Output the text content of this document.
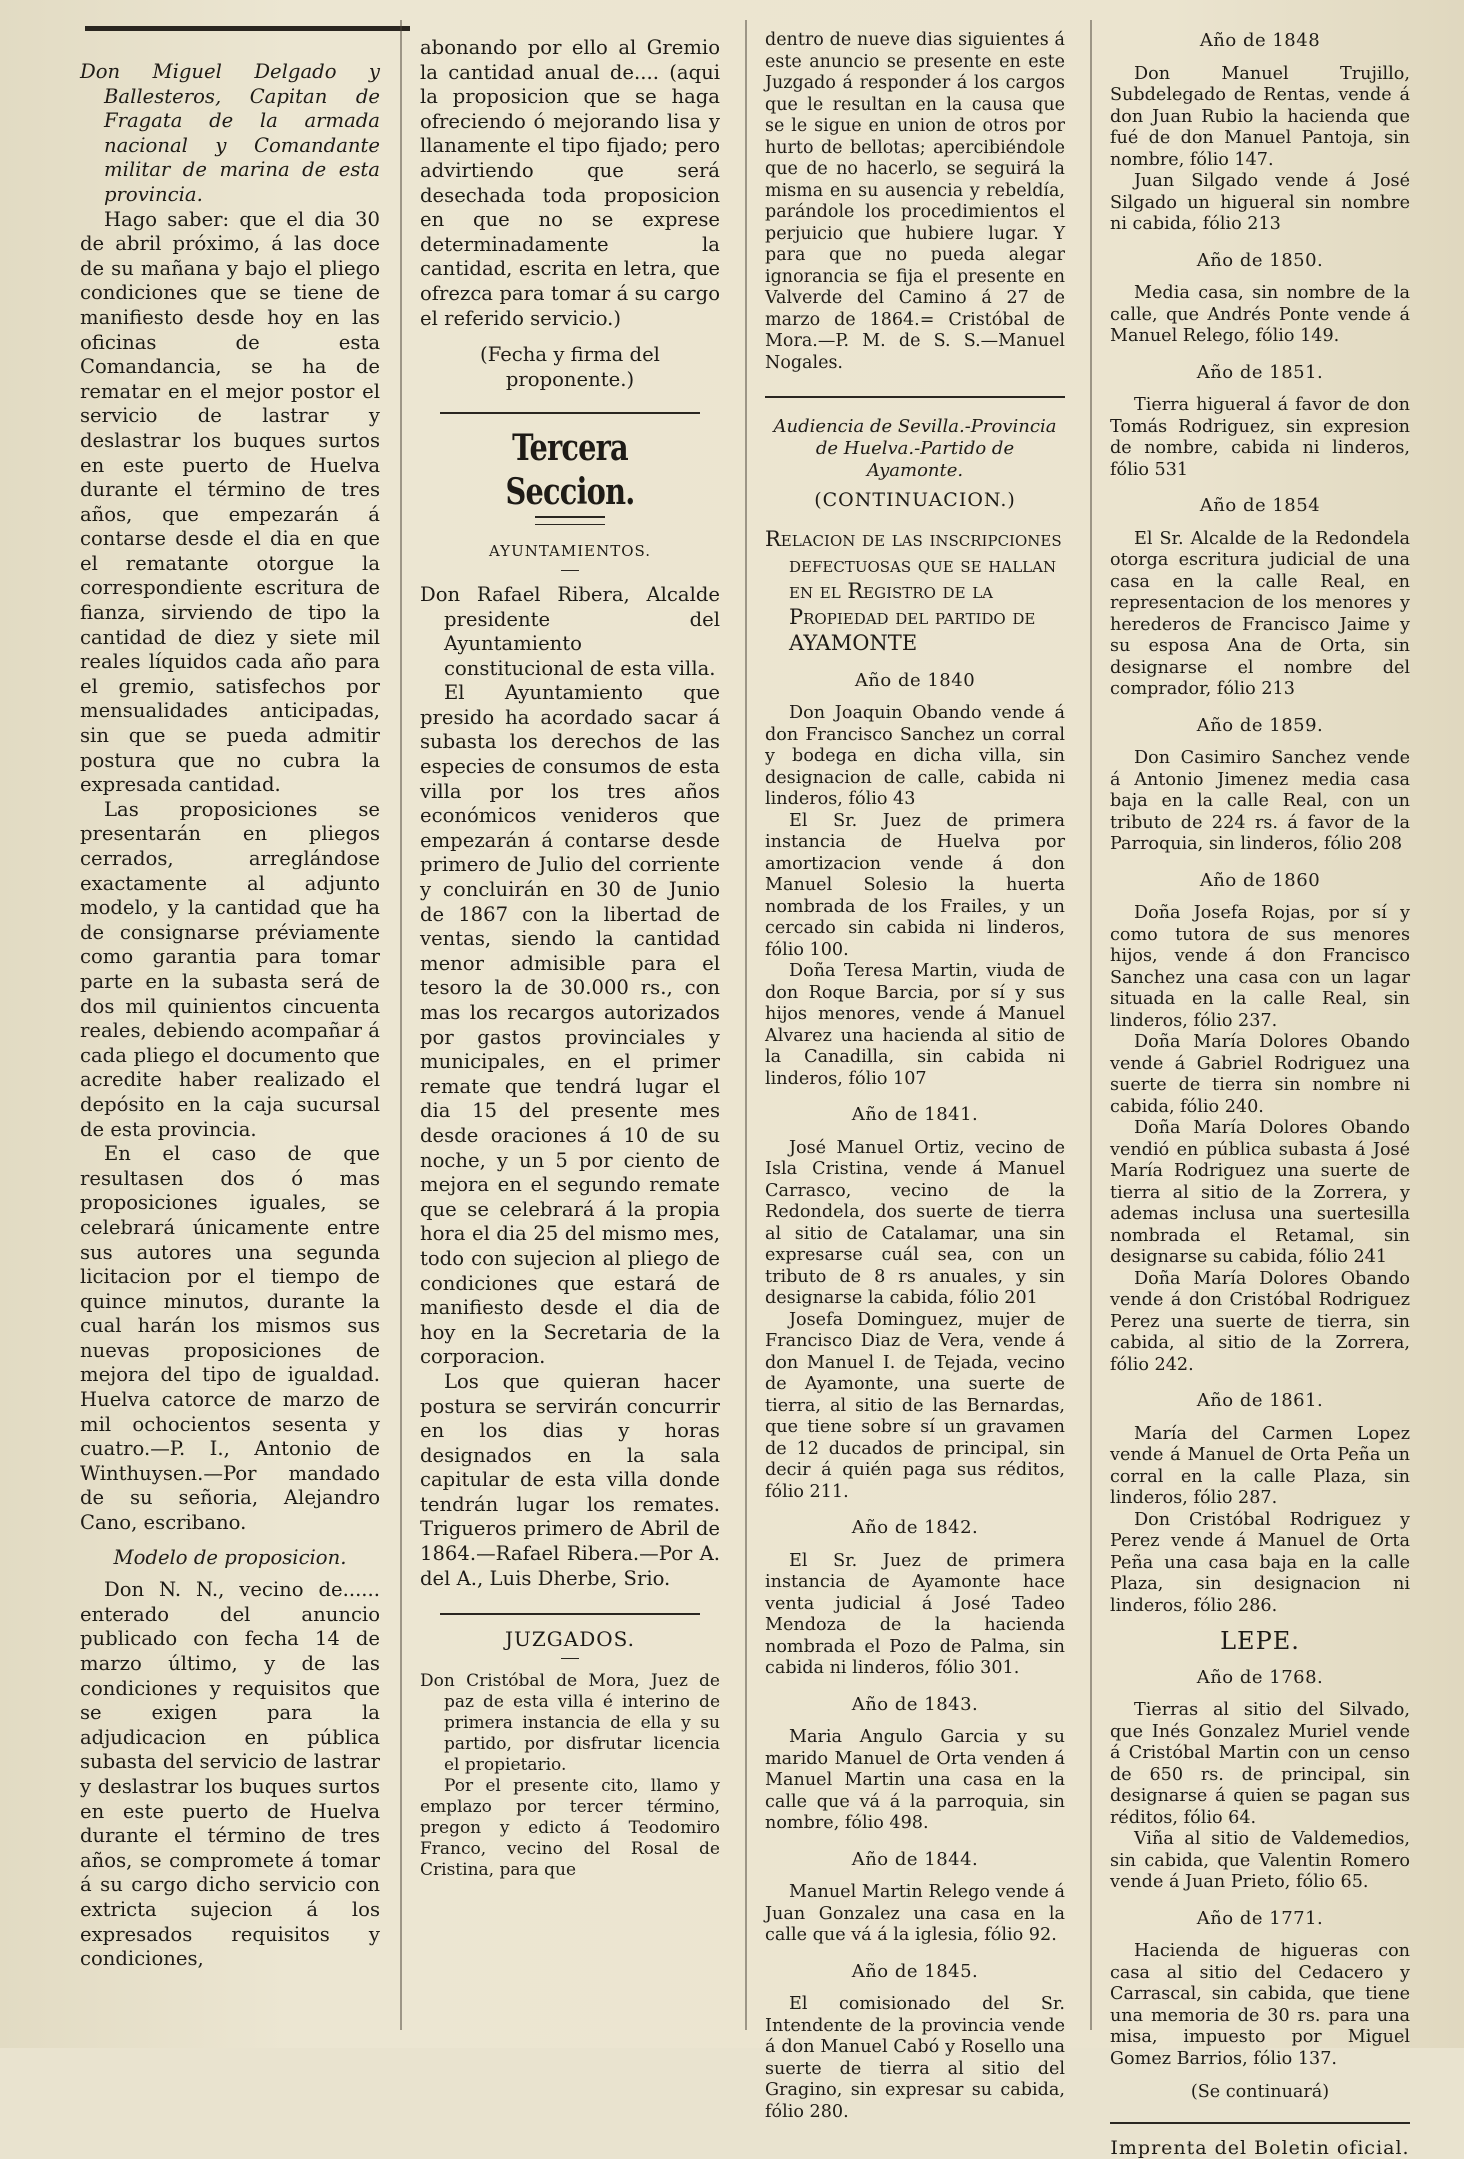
Don Miguel Delgado y Ballesteros, Capitan de Fragata de la armada nacional y Comandante militar de marina de esta provincia.

Hago saber: que el dia 30 de abril próximo, á las doce de su mañana y bajo el pliego condiciones que se tiene de manifiesto desde hoy en las oficinas de esta Comandancia, se ha de rematar en el mejor postor el servicio de lastrar y deslastrar los buques surtos en este puerto de Huelva durante el término de tres años, que empezarán á contarse desde el dia en que el rematante otorgue la correspondiente escritura de fianza, sirviendo de tipo la cantidad de diez y siete mil reales líquidos cada año para el gremio, satisfechos por mensualidades anticipadas, sin que se pueda admitir postura que no cubra la expresada cantidad.

Las proposiciones se presentarán en pliegos cerrados, arreglándose exactamente al adjunto modelo, y la cantidad que ha de consignarse préviamente como garantia para tomar parte en la subasta será de dos mil quinientos cincuenta reales, debiendo acompañar á cada pliego el documento que acredite haber realizado el depósito en la caja sucursal de esta provincia.

En el caso de que resultasen dos ó mas proposiciones iguales, se celebrará únicamente entre sus autores una segunda licitacion por el tiempo de quince minutos, durante la cual harán los mismos sus nuevas proposiciones de mejora del tipo de igualdad. Huelva catorce de marzo de mil ochocientos sesenta y cuatro.—P. I., Antonio de Winthuysen.—Por mandado de su señoria, Alejandro Cano, escribano.

Modelo de proposicion.

Don N. N., vecino de...... enterado del anuncio publicado con fecha 14 de marzo último, y de las condiciones y requisitos que se exigen para la adjudicacion en pública subasta del servicio de lastrar y deslastrar los buques surtos en este puerto de Huelva durante el término de tres años, se compromete á tomar á su cargo dicho servicio con extricta sujecion á los expresados requisitos y condiciones,

abonando por ello al Gremio la cantidad anual de.... (aqui la proposicion que se haga ofreciendo ó mejorando lisa y llanamente el tipo fijado; pero advirtiendo que será desechada toda proposicion en que no se exprese determinadamente la cantidad, escrita en letra, que ofrezca para tomar á su cargo el referido servicio.)

(Fecha y firma del proponente.)
Tercera Seccion.
AYUNTAMIENTOS.

Don Rafael Ribera, Alcalde presidente del Ayuntamiento constitucional de esta villa.

El Ayuntamiento que presido ha acordado sacar á subasta los derechos de las especies de consumos de esta villa por los tres años económicos venideros que empezarán á contarse desde primero de Julio del corriente y concluirán en 30 de Junio de 1867 con la libertad de ventas, siendo la cantidad menor admisible para el tesoro la de 30.000 rs., con mas los recargos autorizados por gastos provinciales y municipales, en el primer remate que tendrá lugar el dia 15 del presente mes desde oraciones á 10 de su noche, y un 5 por ciento de mejora en el segundo remate que se celebrará á la propia hora el dia 25 del mismo mes, todo con sujecion al pliego de condiciones que estará de manifiesto desde el dia de hoy en la Secretaria de la corporacion.

Los que quieran hacer postura se servirán concurrir en los dias y horas designados en la sala capitular de esta villa donde tendrán lugar los remates. Trigueros primero de Abril de 1864.—Rafael Ribera.—Por A. del A., Luis Dherbe, Srio.

JUZGADOS.

Don Cristóbal de Mora, Juez de paz de esta villa é interino de primera instancia de ella y su partido, por disfrutar licencia el propietario.

Por el presente cito, llamo y emplazo por tercer término, pregon y edicto á Teodomiro Franco, vecino del Rosal de Cristina, para que

dentro de nueve dias siguientes á este anuncio se presente en este Juzgado á responder á los cargos que le resultan en la causa que se le sigue en union de otros por hurto de bellotas; apercibiéndole que de no hacerlo, se seguirá la misma en su ausencia y rebeldía, parándole los procedimientos el perjuicio que hubiere lugar. Y para que no pueda alegar ignorancia se fija el presente en Valverde del Camino á 27 de marzo de 1864.= Cristóbal de Mora.—P. M. de S. S.—Manuel Nogales.

Audiencia de Sevilla.-Provincia de Huelva.-Partido de Ayamonte.
(CONTINUACION.)

Relacion de las inscripciones defectuosas que se hallan en el Registro de la Propiedad del partido de AYAMONTE

Año de 1840

Don Joaquin Obando vende á don Francisco Sanchez un corral y bodega en dicha villa, sin designacion de calle, cabida ni linderos, fólio 43

El Sr. Juez de primera instancia de Huelva por amortizacion vende á don Manuel Solesio la huerta nombrada de los Frailes, y un cercado sin cabida ni linderos, fólio 100.

Doña Teresa Martin, viuda de don Roque Barcia, por sí y sus hijos menores, vende á Manuel Alvarez una hacienda al sitio de la Canadilla, sin cabida ni linderos, fólio 107

Año de 1841.

José Manuel Ortiz, vecino de Isla Cristina, vende á Manuel Carrasco, vecino de la Redondela, dos suerte de tierra al sitio de Catalamar, una sin expresarse cuál sea, con un tributo de 8 rs anuales, y sin designarse la cabida, fólio 201

Josefa Dominguez, mujer de Francisco Diaz de Vera, vende á don Manuel I. de Tejada, vecino de Ayamonte, una suerte de tierra, al sitio de las Bernardas, que tiene sobre sí un gravamen de 12 ducados de principal, sin decir á quién paga sus réditos, fólio 211.

Año de 1842.

El Sr. Juez de primera instancia de Ayamonte hace venta judicial á José Tadeo Mendoza de la hacienda nombrada el Pozo de Palma, sin cabida ni linderos, fólio 301.

Año de 1843.

Maria Angulo Garcia y su marido Manuel de Orta venden á Manuel Martin una casa en la calle que vá á la parroquia, sin nombre, fólio 498.

Año de 1844.

Manuel Martin Relego vende á Juan Gonzalez una casa en la calle que vá á la iglesia, fólio 92.

Año de 1845.

El comisionado del Sr. Intendente de la provincia vende á don Manuel Cabó y Rosello una suerte de tierra al sitio del Gragino, sin expresar su cabida, fólio 280.

Año de 1848

Don Manuel Trujillo, Subdelegado de Rentas, vende á don Juan Rubio la hacienda que fué de don Manuel Pantoja, sin nombre, fólio 147.

Juan Silgado vende á José Silgado un higueral sin nombre ni cabida, fólio 213

Año de 1850.

Media casa, sin nombre de la calle, que Andrés Ponte vende á Manuel Relego, fólio 149.

Año de 1851.

Tierra higueral á favor de don Tomás Rodriguez, sin expresion de nombre, cabida ni linderos, fólio 531

Año de 1854

El Sr. Alcalde de la Redondela otorga escritura judicial de una casa en la calle Real, en representacion de los menores y herederos de Francisco Jaime y su esposa Ana de Orta, sin designarse el nombre del comprador, fólio 213

Año de 1859.

Don Casimiro Sanchez vende á Antonio Jimenez media casa baja en la calle Real, con un tributo de 224 rs. á favor de la Parroquia, sin linderos, fólio 208

Año de 1860

Doña Josefa Rojas, por sí y como tutora de sus menores hijos, vende á don Francisco Sanchez una casa con un lagar situada en la calle Real, sin linderos, fólio 237.

Doña María Dolores Obando vende á Gabriel Rodriguez una suerte de tierra sin nombre ni cabida, fólio 240.

Doña María Dolores Obando vendió en pública subasta á José María Rodriguez una suerte de tierra al sitio de la Zorrera, y ademas inclusa una suertesilla nombrada el Retamal, sin designarse su cabida, fólio 241

Doña María Dolores Obando vende á don Cristóbal Rodriguez Perez una suerte de tierra, sin cabida, al sitio de la Zorrera, fólio 242.

Año de 1861.

María del Carmen Lopez vende á Manuel de Orta Peña un corral en la calle Plaza, sin linderos, fólio 287.

Don Cristóbal Rodriguez y Perez vende á Manuel de Orta Peña una casa baja en la calle Plaza, sin designacion ni linderos, fólio 286.

LEPE.
Año de 1768.

Tierras al sitio del Silvado, que Inés Gonzalez Muriel vende á Cristóbal Martin con un censo de 650 rs. de principal, sin designarse á quien se pagan sus réditos, fólio 64.

Viña al sitio de Valdemedios, sin cabida, que Valentin Romero vende á Juan Prieto, fólio 65.

Año de 1771.

Hacienda de higueras con casa al sitio del Cedacero y Carrascal, sin cabida, que tiene una memoria de 30 rs. para una misa, impuesto por Miguel Gomez Barrios, fólio 137.

(Se continuará)
Imprenta del Boletin oficial.
